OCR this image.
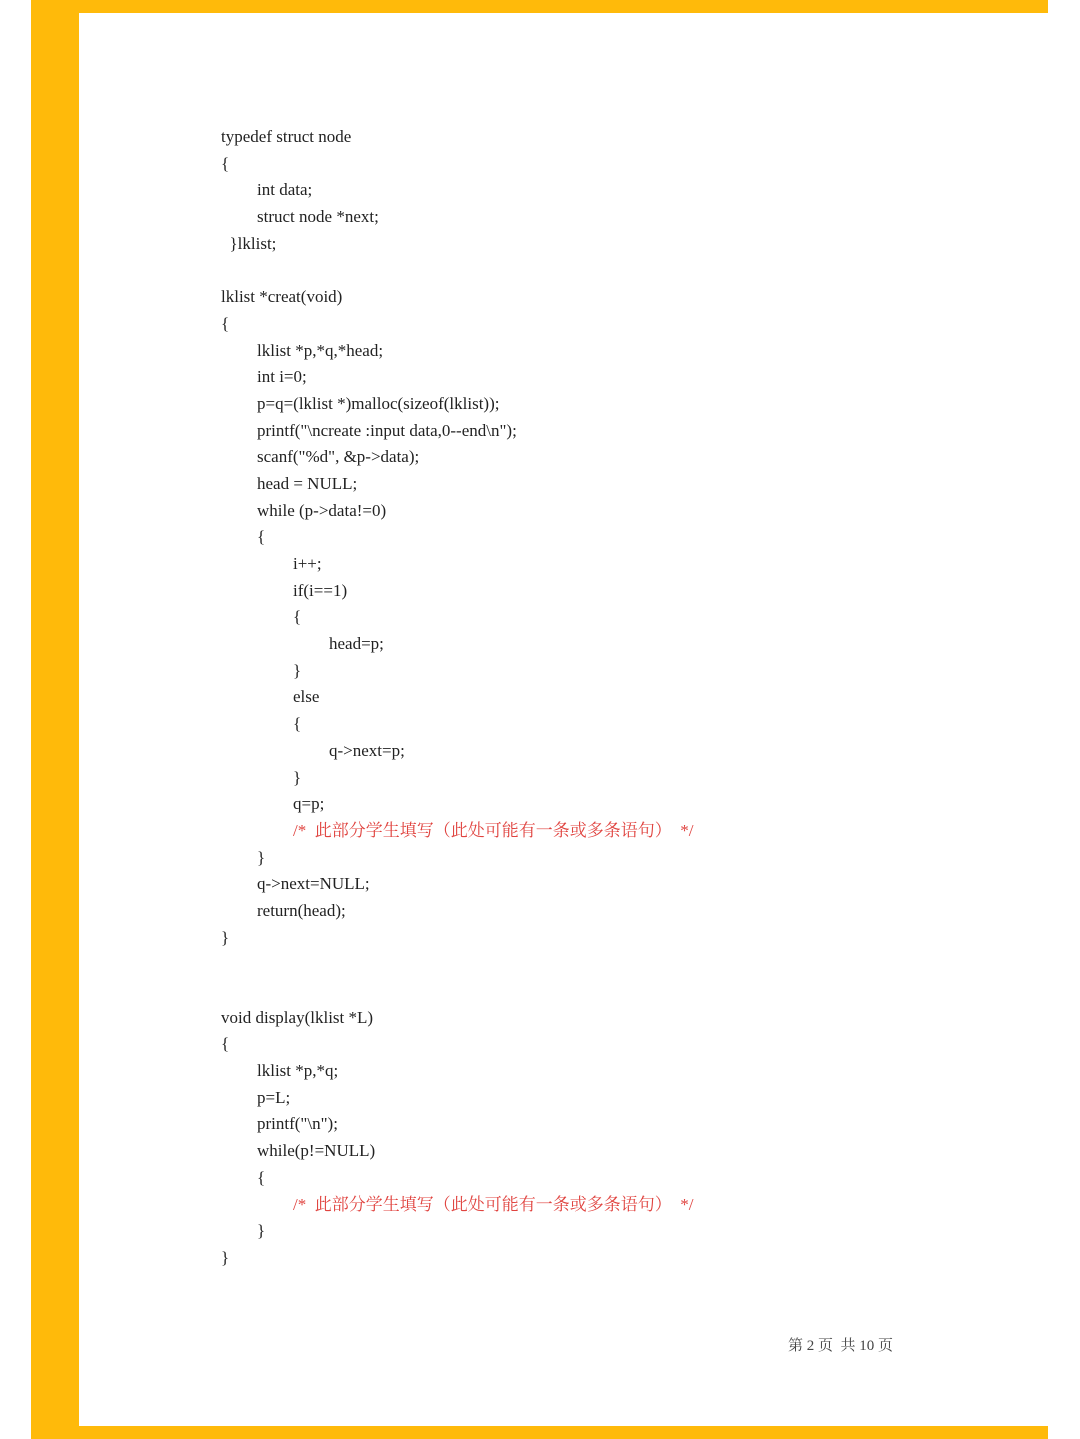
typedef struct node
{
int data;
struct node *next;
}lklist;
lklist *creat(void)
{
lklist *p,*q,*head;
int i=0;
p=q=(lklist *)malloc(sizeof(lklist));
printf("\ncreate :input data,0--end\n");
scanf("%d", &p->data);
head = NULL;
while (p->data!=0)
{
i++;
if(i==1)
{
head=p;
}
else
{
q->next=p;
}
q=p;
/*  此部分学生填写（此处可能有一条或多条语句）  */
}
q->next=NULL;
return(head);
}
void display(lklist *L)
{
lklist *p,*q;
p=L;
printf("\n");
while(p!=NULL)
{
/*  此部分学生填写（此处可能有一条或多条语句）  */
}
}
第 2 页  共 10 页
